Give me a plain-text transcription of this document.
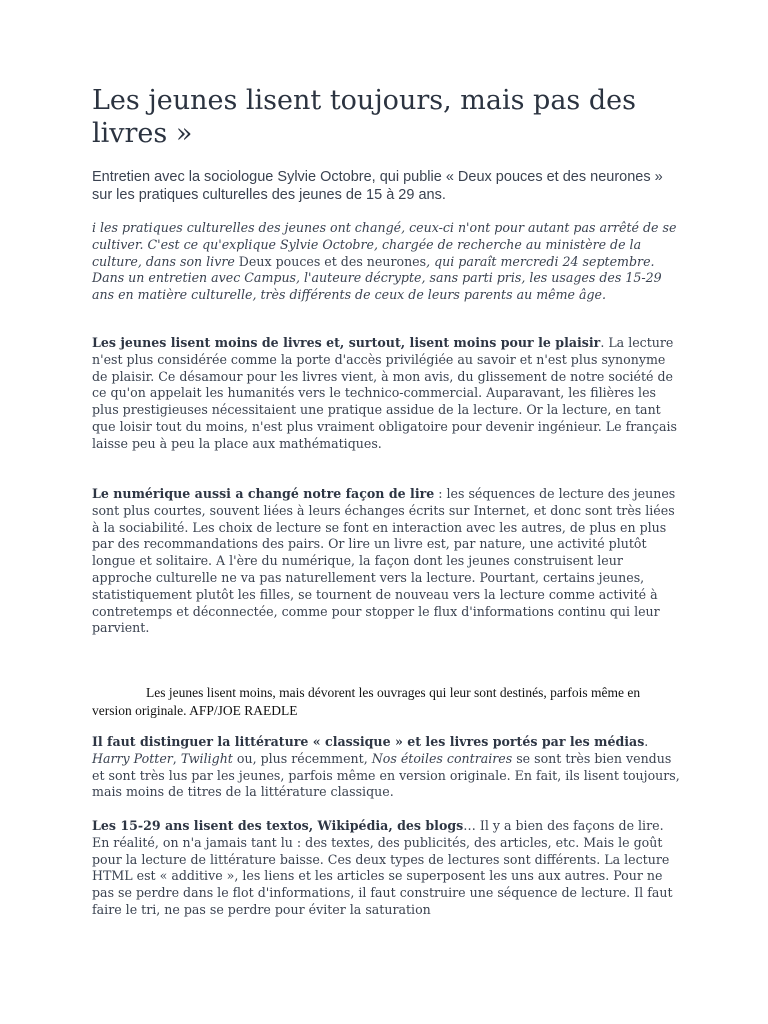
Les jeunes lisent toujours, mais pas des livres »
Entretien avec la sociologue Sylvie Octobre, qui publie « Deux pouces et des neurones » sur les pratiques culturelles des jeunes de 15 à 29 ans.

i les pratiques culturelles des jeunes ont changé, ceux-ci n'ont pour autant pas arrêté de se cultiver. C'est ce qu'explique Sylvie Octobre, chargée de recherche au ministère de la culture, dans son livre Deux pouces et des neurones, qui paraît mercredi 24 septembre. Dans un entretien avec Campus, l'auteure décrypte, sans parti pris, les usages des 15-29 ans en matière culturelle, très différents de ceux de leurs parents au même âge.

Les jeunes lisent moins de livres et, surtout, lisent moins pour le plaisir. La lecture n'est plus considérée comme la porte d'accès privilégiée au savoir et n'est plus synonyme de plaisir. Ce désamour pour les livres vient, à mon avis, du glissement de notre société de ce qu'on appelait les humanités vers le technico-commercial. Auparavant, les filières les plus prestigieuses nécessitaient une pratique assidue de la lecture. Or la lecture, en tant que loisir tout du moins, n'est plus vraiment obligatoire pour devenir ingénieur. Le français laisse peu à peu la place aux mathématiques.

Le numérique aussi a changé notre façon de lire : les séquences de lecture des jeunes sont plus courtes, souvent liées à leurs échanges écrits sur Internet, et donc sont très liées à la sociabilité. Les choix de lecture se font en interaction avec les autres, de plus en plus par des recommandations des pairs. Or lire un livre est, par nature, une activité plutôt longue et solitaire. A l'ère du numérique, la façon dont les jeunes construisent leur approche culturelle ne va pas naturellement vers la lecture. Pourtant, certains jeunes, statistiquement plutôt les filles, se tournent de nouveau vers la lecture comme activité à contretemps et déconnectée, comme pour stopper le flux d'informations continu qui leur parvient.

Les jeunes lisent moins, mais dévorent les ouvrages qui leur sont destinés, parfois même en version originale. AFP/JOE RAEDLE

Il faut distinguer la littérature « classique » et les livres portés par les médias. Harry Potter, Twilight ou, plus récemment, Nos étoiles contraires se sont très bien vendus et sont très lus par les jeunes, parfois même en version originale. En fait, ils lisent toujours, mais moins de titres de la littérature classique.

Les 15-29 ans lisent des textos, Wikipédia, des blogs… Il y a bien des façons de lire. En réalité, on n'a jamais tant lu : des textes, des publicités, des articles, etc. Mais le goût pour la lecture de littérature baisse. Ces deux types de lectures sont différents. La lecture HTML est « additive », les liens et les articles se superposent les uns aux autres. Pour ne pas se perdre dans le flot d'informations, il faut construire une séquence de lecture. Il faut faire le tri, ne pas se perdre pour éviter la saturation
